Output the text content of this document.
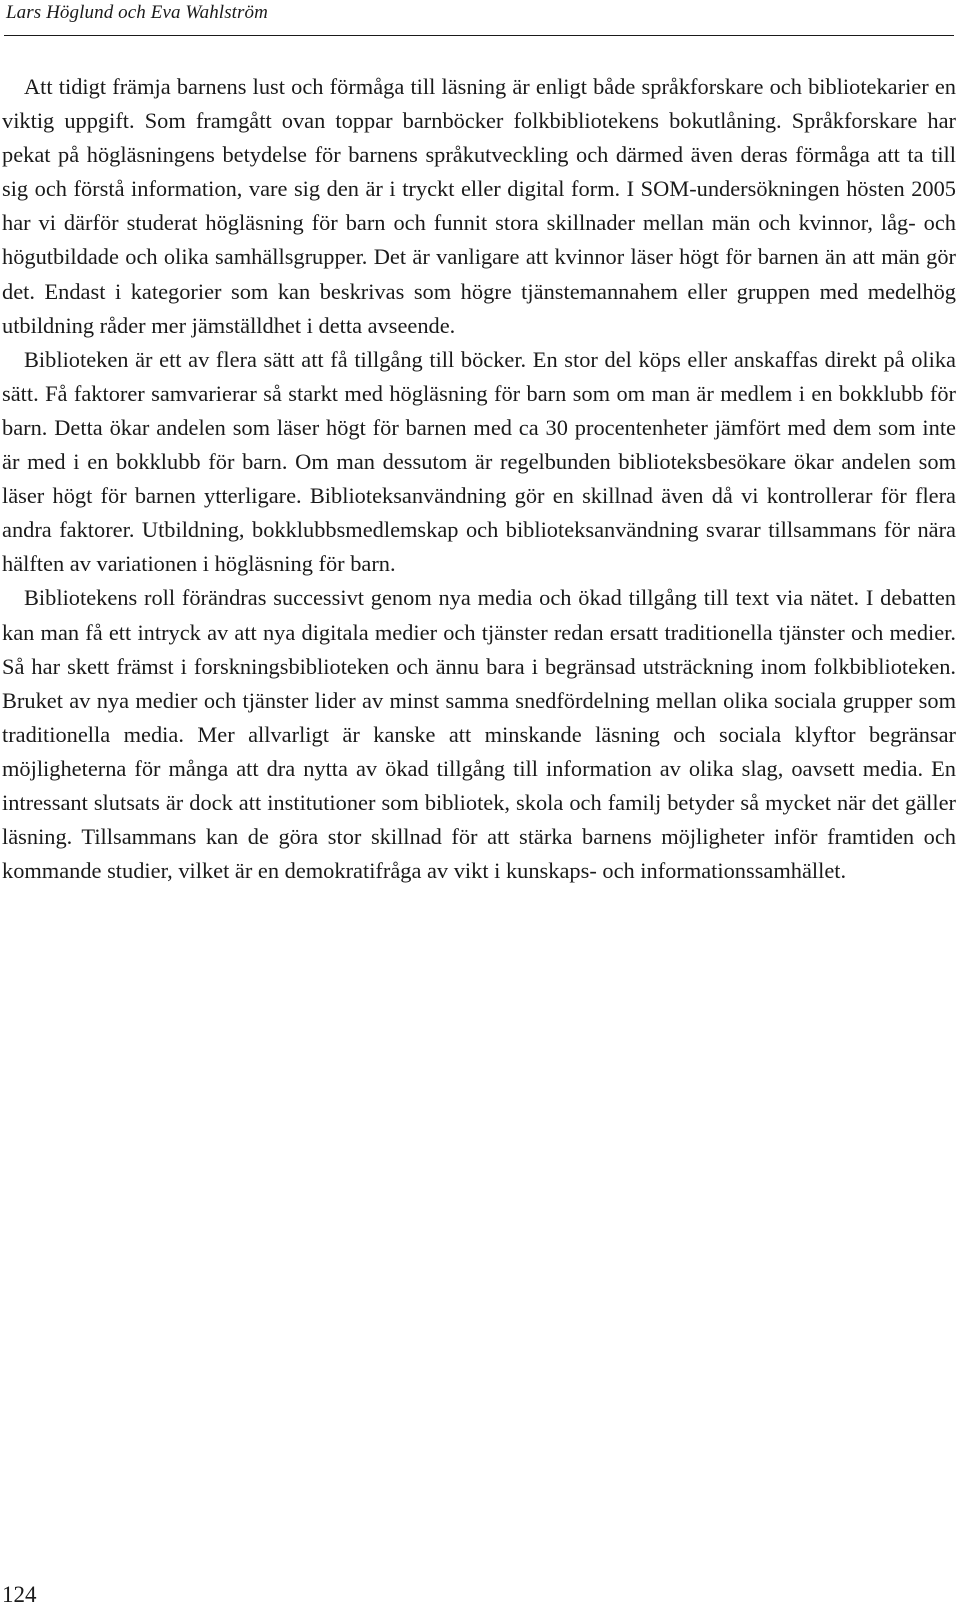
Lars Höglund och Eva Wahlström

Att tidigt främja barnens lust och förmåga till läsning är enligt både språkforskare och bibliotekarier en viktig uppgift. Som framgått ovan toppar barnböcker folkbibliotekens bokutlåning. Språkforskare har pekat på högläsningens betydelse för barnens språkutveckling och därmed även deras förmåga att ta till sig och förstå information, vare sig den är i tryckt eller digital form. I SOM-undersökningen hösten 2005 har vi därför studerat högläsning för barn och funnit stora skillnader mellan män och kvinnor, låg- och högutbildade och olika samhällsgrupper. Det är vanligare att kvinnor läser högt för barnen än att män gör det. Endast i kategorier som kan beskrivas som högre tjänstemannahem eller gruppen med medelhög utbildning råder mer jämställdhet i detta avseende.

Biblioteken är ett av flera sätt att få tillgång till böcker. En stor del köps eller anskaffas direkt på olika sätt. Få faktorer samvarierar så starkt med högläsning för barn som om man är medlem i en bokklubb för barn. Detta ökar andelen som läser högt för barnen med ca 30 procentenheter jämfört med dem som inte är med i en bokklubb för barn. Om man dessutom är regelbunden biblioteksbesökare ökar andelen som läser högt för barnen ytterligare. Biblioteksanvändning gör en skillnad även då vi kontrollerar för flera andra faktorer. Utbildning, bokklubbsmedlemskap och biblioteksanvändning svarar tillsammans för nära hälften av variationen i högläsning för barn.

Bibliotekens roll förändras successivt genom nya media och ökad tillgång till text via nätet. I debatten kan man få ett intryck av att nya digitala medier och tjänster redan ersatt traditionella tjänster och medier. Så har skett främst i forskningsbiblioteken och ännu bara i begränsad utsträckning inom folkbiblioteken. Bruket av nya medier och tjänster lider av minst samma snedfördelning mellan olika sociala grupper som traditionella media. Mer allvarligt är kanske att minskande läsning och sociala klyftor begränsar möjligheterna för många att dra nytta av ökad tillgång till information av olika slag, oavsett media. En intressant slutsats är dock att institutioner som bibliotek, skola och familj betyder så mycket när det gäller läsning. Tillsammans kan de göra stor skillnad för att stärka barnens möjligheter inför framtiden och kommande studier, vilket är en demokratifråga av vikt i kunskaps- och informationssamhället.

124
